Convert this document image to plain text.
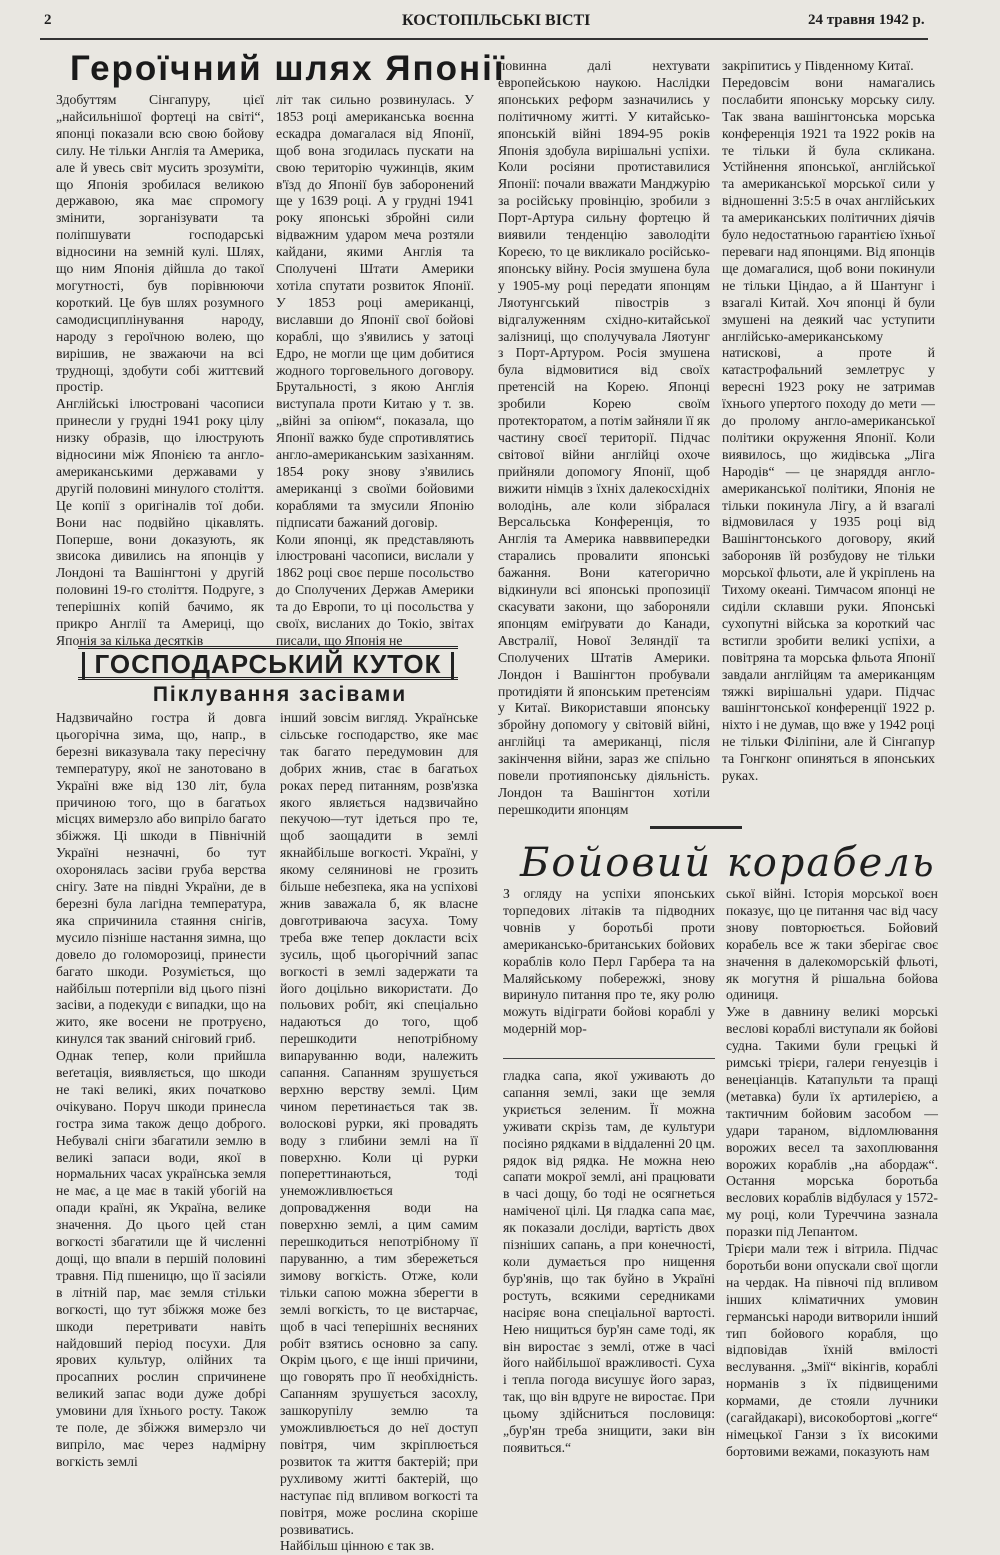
2	КОСТОПІЛЬСЬКІ ВІСТІ	24 травня 1942 р.
Героїчний шлях Японії
Здобуттям Сінгапуру, цієї „найсильнішої фортеці на світі“, японці показали всю свою бойову силу. Не тільки Англія та Америка, але й увесь світ мусить зрозуміти, що Японія зробилася великою державою, яка має спромогу змінити, зорганізувати та поліпшувати господарські відносини на земній кулі. Шлях, що ним Японія дійшла до такої могутності, був порівнюючи короткий. Це був шлях розумного самодисциплінування народу, народу з героїчною волею, що вирішив, не зважаючи на всі труднощі, здобути собі життєвий простір.
Англійські ілюстровані часописи принесли у грудні 1941 року цілу низку образів, що ілюструють відносини між Японією та англо-американськими державами у другій половині минулого століття. Це копії з оригіналів тої доби. Вони нас подвійно цікавлять. Поперше, вони доказують, як звисока дивились на японців у Лондоні та Вашінгтоні у другій половині 19-го століття. Подруге, з теперішніх копій бачимо, як прикро Англії та Америці, що Японія за кілька десятків
літ так сильно розвинулась. У 1853 році американська воєнна ескадра домагалася від Японії, щоб вона згодилась пускати на свою територію чужинців, яким в'їзд до Японії був заборонений ще у 1639 році. А у грудні 1941 року японські збройні сили відважним ударом меча розтяли кайдани, якими Англія та Сполучені Штати Америки хотіла спутати розвиток Японії. У 1853 році американці, виславши до Японії свої бойові кораблі, що з'явились у затоці Едро, не могли ще цим добитися жодного торговельного договору. Брутальності, з якою Англія виступала проти Китаю у т. зв. „війні за опіюм“, показала, що Японії важко буде спротивлятись англо-американським зазіханням. 1854 року знову з'явились американці з своїми бойовими кораблями та змусили Японію підписати бажаний договір.
Коли японці, як представляють ілюстровані часописи, вислали у 1862 році своє перше посольство до Сполучених Держав Америки та до Европи, то ці посольства у своїх, висланих до Токіо, звітах писали, що Японія не
повинна далі нехтувати европейською наукою. Наслідки японських реформ зазначились у політичному житті. У китайсько-японській війні 1894-95 років Японія здобула вирішальні успіхи. Коли росіяни протиставилися Японії: почали вважати Манджурію за російську провінцію, зробили з Порт-Артура сильну фортецю й виявили тенденцію заволодіти Кореєю, то це викликало російсько-японську війну. Росія змушена була у 1905-му році передати японцям Ляотунгський півострів з відгалуженням східно-китайської залізниці, що сполучувала Ляотунг з Порт-Артуром. Росія змушена була відмовитися від своїх претенсій на Корею. Японці зробили Корею своїм протекторатом, а потім зайняли її як частину своєї території. Підчас світової війни англійці охоче прийняли допомогу Японії, щоб вижити німців з їхніх далекосхідніх володінь, але коли зібралася Версальська Конференція, то Англія та Америка навввипередки старались провалити японські бажання. Вони категорично відкинули всі японські пропозиції скасувати закони, що забороняли японцям еміґрувати до Канади, Австралії, Нової Зеляндії та Сполучених Штатів Америки. Лондон і Вашінгтон пробували протидіяти й японським претенсіям у Китаї. Використавши японську збройну допомогу у світовій війні, англійці та американці, після закінчення війни, зараз же спільно повели протияпонську діяльність. Лондон та Вашінгтон хотіли перешкодити японцям
закріпитись у Південному Китаї.
Передовсім вони намагались послабити японську морську силу. Так звана вашінгтонська морська конференція 1921 та 1922 років на те тільки й була скликана. Устійнення японської, англійської та американської морської сили у відношенні 3:5:5 в очах англійських та американських політичних діячів було недостатньою гарантією їхньої переваги над японцями. Від японців ще домагалися, щоб вони покинули не тільки Ціндао, а й Шантунг і взагалі Китай. Хоч японці й були змушені на деякий час уступити англійсько-американському натискові, а проте й катастрофальний землетрус у вересні 1923 року не затримав їхнього упертого походу до мети — до пролому англо-американської політики окруження Японії. Коли виявилось, що жидівська „Ліга Народів“ — це знаряддя англо-американської політики, Японія не тільки покинула Лігу, а й взагалі відмовилася у 1935 році від Вашінгтонського договору, який забороняв їй розбудову не тільки морської фльоти, але й укріплень на Тихому океані. Тимчасом японці не сиділи склавши руки. Японські сухопутні війська за короткий час встигли зробити великі успіхи, а повітряна та морська фльота Японії завдали англійцям та американцям тяжкі вирішальні удари. Підчас вашінгтонської конференції 1922 р. ніхто і не думав, що вже у 1942 році не тільки Філіпіни, але й Сінгапур та Гонгконг опиняться в японських руках.
ГОСПОДАРСЬКИЙ КУТОК
Піклування засівами
Надзвичайно гостра й довга цьогорічна зима, що, напр., в березні виказувала таку пересічну температуру, якої не занотовано в Україні вже від 130 літ, була причиною того, що в багатьох місцях вимерзло або випріло багато збіжжя. Ці шкоди в Північній Україні незначні, бо тут охоронялась засіви груба верства снігу. Зате на півдні України, де в березні була лагідна температура, яка спричинила стаяння снігів, мусило пізніше настання зимна, що довело до голоморозиці, принести багато шкоди. Розуміється, що найбільш потерпіли від цього пізні засіви, а подекуди є випадки, що на жито, яке восени не протруєно, кинулся так званий сніговий гриб.
Однак тепер, коли прийшла веґетація, виявляється, що шкоди не такі великі, яких початково очікувано. Поруч шкоди принесла гостра зима також дещо доброго. Небувалі сніги збагатили землю в великі запаси води, якої в нормальних часах українська земля не має, а це має в такій убогій на опади країні, як Україна, велике значення. До цього цей стан вогкості збагатили ще й численні дощі, що впали в першій половині травня. Під пшеницю, що її засіяли в літній пар, має земля стільки вогкості, що тут збіжжя може без шкоди перетривати навіть найдовший період посухи. Для ярових культур, олійних та просапних рослин спричинене великий запас води дуже добрі умовини для їхнього росту. Також те поле, де збіжжя вимерзло чи випріло, має через надмірну вогкість землі
інший зовсім вигляд. Українське сільське господарство, яке має так багато передумовин для добрих жнив, стає в багатьох роках перед питанням, розв'язка якого являється надзвичайно пекучою—тут ідеться про те, щоб заощадити в землі якнайбільше вогкості. Україні, у якому селянинові не грозить більше небезпека, яка на успіхові жнив заважала б, як власне довготриваюча засуха. Тому треба вже тепер докласти всіх зусиль, щоб цьогорічний запас вогкості в землі задержати та його доцільно використати. До польових робіт, які спеціально надаються до того, щоб перешкодити непотрібному випаруванню води, належить сапання. Сапанням зрушується верхню верству землі. Цим чином перетинається так зв. волоскові рурки, які провадять воду з глибини землі на її поверхню. Коли ці рурки попереттинаються, тоді унеможливлюється допровадження води на поверхню землі, а цим самим перешкодиться непотрібному її паруванню, а тим збережеться зимову вогкість. Отже, коли тільки сапою можна зберегти в землі вогкість, то це вистарчає, щоб в часі теперішніх весняних робіт взятись основно за сапу. Окрім цього, є ще інші причини, що говорять про її необхідність. Сапанням зрушується засохлу, зашкорупілу землю та уможливлюється до неї доступ повітря, чим зкріплюється розвиток та життя бактерій; при рухливому житті бактерій, що наступає під впливом вогкості та повітря, може рослина скоріше розвиватись.
Найбільш цінною є так зв.
гладка сапа, якої уживають до сапання землі, заки ще земля укриється зеленим. Її можна уживати скрізь там, де культури посіяно рядками в віддаленні 20 цм. рядок від рядка. Не можна нею сапати мокрої землі, ані працювати в часі дощу, бо тоді не осягнеться наміченої цілі. Ця гладка сапа має, як показали досліди, вартість двох пізніших сапань, а при конечності, коли думається про нищення бур'янів, що так буйно в Україні ростуть, всякими середниками насіряє вона спеціальної вартості. Нею нищиться бур'ян саме тоді, як він виростає з землі, отже в часі його найбільшої вражливості. Суха і тепла погода висушує його зараз, так, що він вдруге не виростає. При цьому здійсниться пословиця: „бур'ян треба знищити, заки він появиться.“
Бойовий корабель
З огляду на успіхи японських торпедових літаків та підводних човнів у боротьбі проти американсько-британських бойових кораблів коло Перл Гарбера та на Маляйському побережжі, знову виринуло питання про те, яку ролю можуть відіграти бойові кораблі у модерній мор-
ської війні. Історія морської воєн показує, що це питання час від часу знову повторюється. Бойовий корабель все ж таки зберігає своє значення в далекоморській фльоті, як могутня й рішальна бойова одиниця.
Уже в давнину великі морські веслові кораблі виступали як бойові судна. Такими були грецькі й римські трієри, галери генуезців і венеціанців. Катапульти та пращі (метавка) були їх артилерією, а тактичним бойовим засобом — удари тараном, відломлювання ворожих весел та захоплювання ворожих кораблів „на абордаж“. Остання морська боротьба веслових кораблів відбулася у 1572-му році, коли Туреччина зазнала поразки під Лепантом.
Трієри мали теж і вітрила. Підчас боротьби вони опускали свої щогли на чердак. На півночі під впливом інших кліматичних умовин германські народи витворили інший тип бойового корабля, що відповідав їхній вмілості веслування. „Змії“ вікінгів, кораблі норманів з їх підвищеними кормами, де стояли лучники (сагайдакарі), високобортові „когге“ німецької Ганзи з їх високими бортовими вежами, показують нам
